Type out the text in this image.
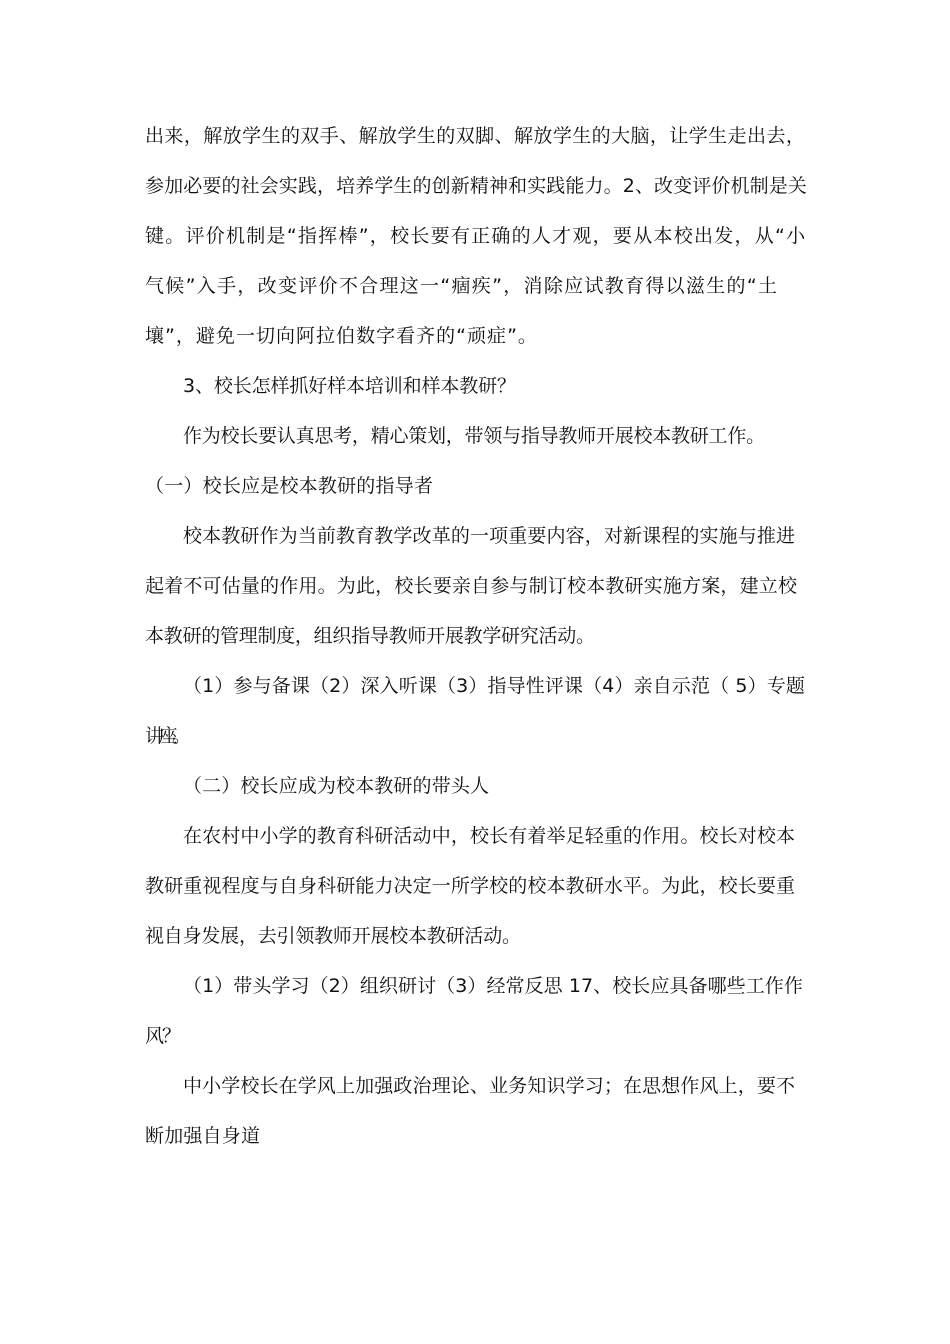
出来，解放学生的双手、解放学生的双脚、解放学生的大脑，让学生走出去，
参加必要的社会实践，培养学生的创新精神和实践能力。2、改变评价机制是关
键。评价机制是“指挥棒”，校长要有正确的人才观，要从本校出发，从“小
气候”入手，改变评价不合理这一“痼疾”，消除应试教育得以滋生的“土
壤”，避免一切向阿拉伯数字看齐的“顽症”。
3、校长怎样抓好样本培训和样本教研？
作为校长要认真思考，精心策划，带领与指导教师开展校本教研工作。
（一）校长应是校本教研的指导者
校本教研作为当前教育教学改革的一项重要内容，对新课程的实施与推进
起着不可估量的作用。为此，校长要亲自参与制订校本教研实施方案，建立校
本教研的管理制度，组织指导教师开展教学研究活动。
（1）参与备课（2）深入听课（3）指导性评课（4）亲自示范（ 5）专题
讲座。
（二）校长应成为校本教研的带头人
在农村中小学的教育科研活动中，校长有着举足轻重的作用。校长对校本
教研重视程度与自身科研能力决定一所学校的校本教研水平。为此，校长要重
视自身发展，去引领教师开展校本教研活动。
（1）带头学习（2）组织研讨（3）经常反思 17、校长应具备哪些工作作
风？
中小学校长在学风上加强政治理论、业务知识学习；在思想作风上，要不
断加强自身道
